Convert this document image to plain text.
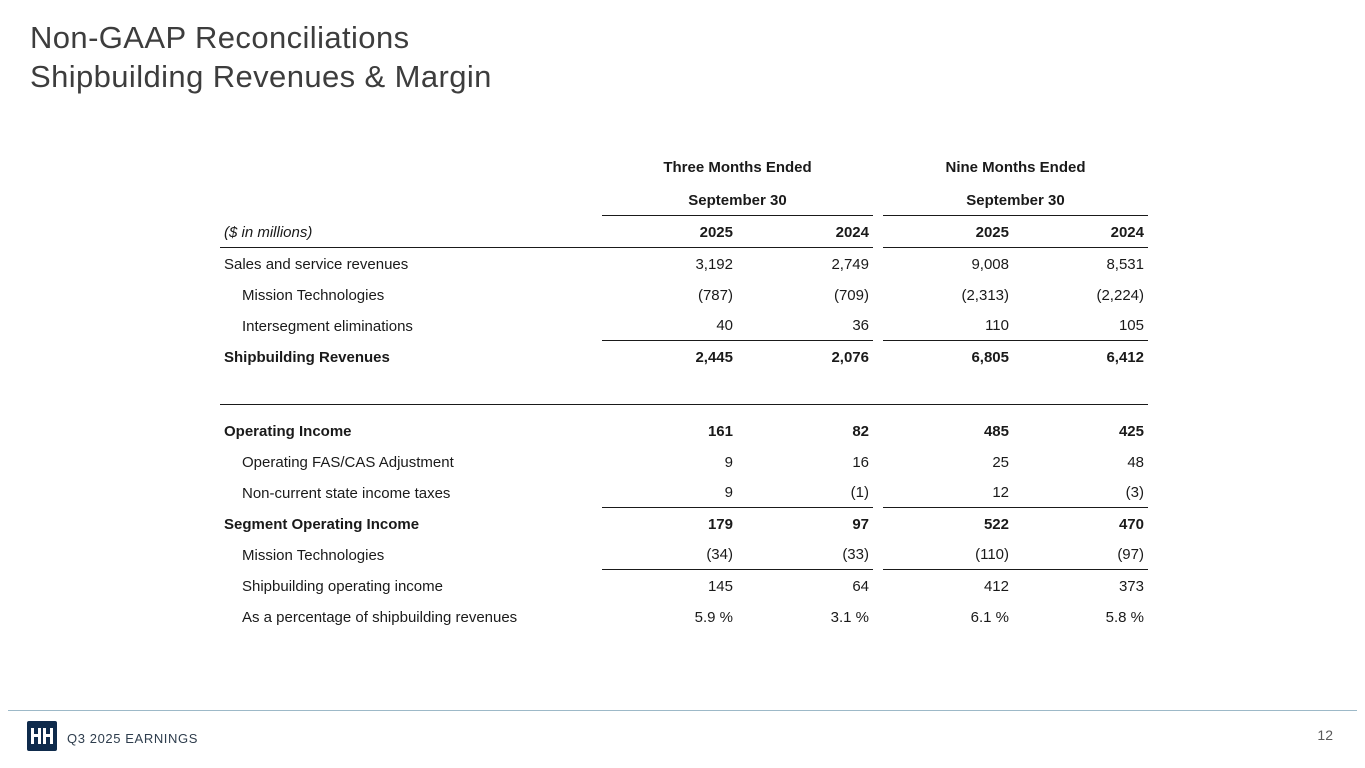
Non-GAAP Reconciliations
Shipbuilding Revenues & Margin
Three Months Ended	Nine Months Ended
September 30	September 30
($ in millions)	2025	2024	2025	2024
Sales and service revenues	3,192	2,749	9,008	8,531
Mission Technologies	(787)	(709)	(2,313)	(2,224)
Intersegment eliminations	40	36	110	105
Shipbuilding Revenues	2,445	2,076	6,805	6,412
Operating Income	161	82	485	425
Operating FAS/CAS Adjustment	9	16	25	48
Non-current state income taxes	9	(1)	12	(3)
Segment Operating Income	179	97	522	470
Mission Technologies	(34)	(33)	(110)	(97)
Shipbuilding operating income	145	64	412	373
As a percentage of shipbuilding revenues	5.9 %	3.1 %	6.1 %	5.8 %
Q3 2025 EARNINGS	12
